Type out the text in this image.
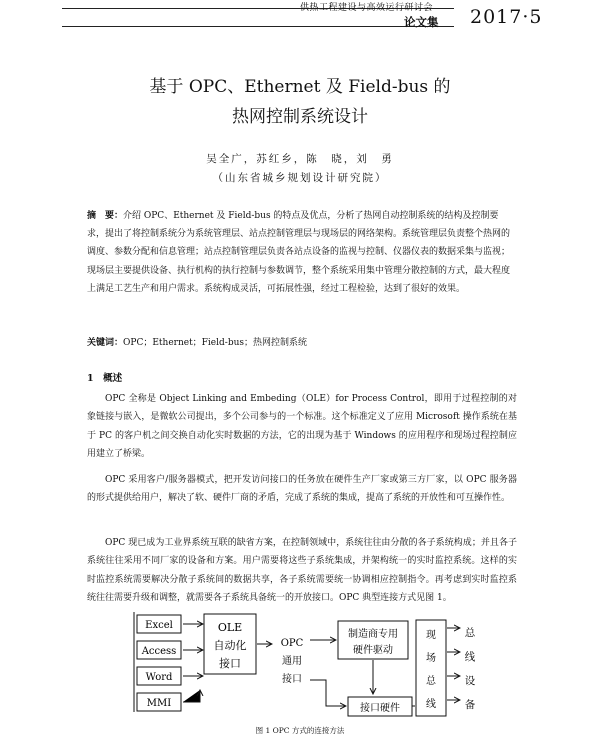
供热工程建设与高效运行研讨会
论文集 2017·5
基于 OPC、Ethernet 及 Field-bus 的
热网控制系统设计
吴全广，苏红乡，陈　晓，刘　勇
（山东省城乡规划设计研究院）
摘　要：介绍 OPC、Ethernet 及 Field-bus 的特点及优点，分析了热网自动控制系统的结构及控制要求，提出了将控制系统分为系统管理层、站点控制管理层与现场层的网络架构。系统管理层负责整个热网的调度、参数分配和信息管理；站点控制管理层负责各站点设备的监视与控制、仪器仪表的数据采集与监视；现场层主要提供设备、执行机构的执行控制与参数调节，整个系统采用集中管理分散控制的方式，最大程度上满足工艺生产和用户需求。系统构成灵活，可拓展性强，经过工程检验，达到了很好的效果。
关键词：OPC；Ethernet；Field-bus；热网控制系统
1　概述
OPC 全称是 Object Linking and Embeding（OLE）for Process Control，即用于过程控制的对象链接与嵌入，是微软公司提出，多个公司参与的一个标准。这个标准定义了应用 Microsoft 操作系统在基于 PC 的客户机之间交换自动化实时数据的方法，它的出现为基于 Windows 的应用程序和现场过程控制应用建立了桥梁。
OPC 采用客户/服务器模式，把开发访问接口的任务放在硬件生产厂家或第三方厂家，以 OPC 服务器的形式提供给用户，解决了软、硬件厂商的矛盾，完成了系统的集成，提高了系统的开放性和可互操作性。
OPC 现已成为工业界系统互联的缺省方案，在控制领域中，系统往往由分散的各子系统构成；并且各子系统往往采用不同厂家的设备和方案。用户需要将这些子系统集成，并架构统一的实时监控系统。这样的实时监控系统需要解决分散子系统间的数据共享，各子系统需要统一协调相应控制指令。再考虑到实时监控系统往往需要升级和调整，就需要各子系统具备统一的开放接口。OPC 典型连接方式见图 1。
Excel
Access
Word
MMI
OLE
自动化
接口
OPC
通用
接口
制造商专用
硬件驱动
接口硬件
现
场
总
线
总
线
设
备
图 1 OPC 方式的连接方法
